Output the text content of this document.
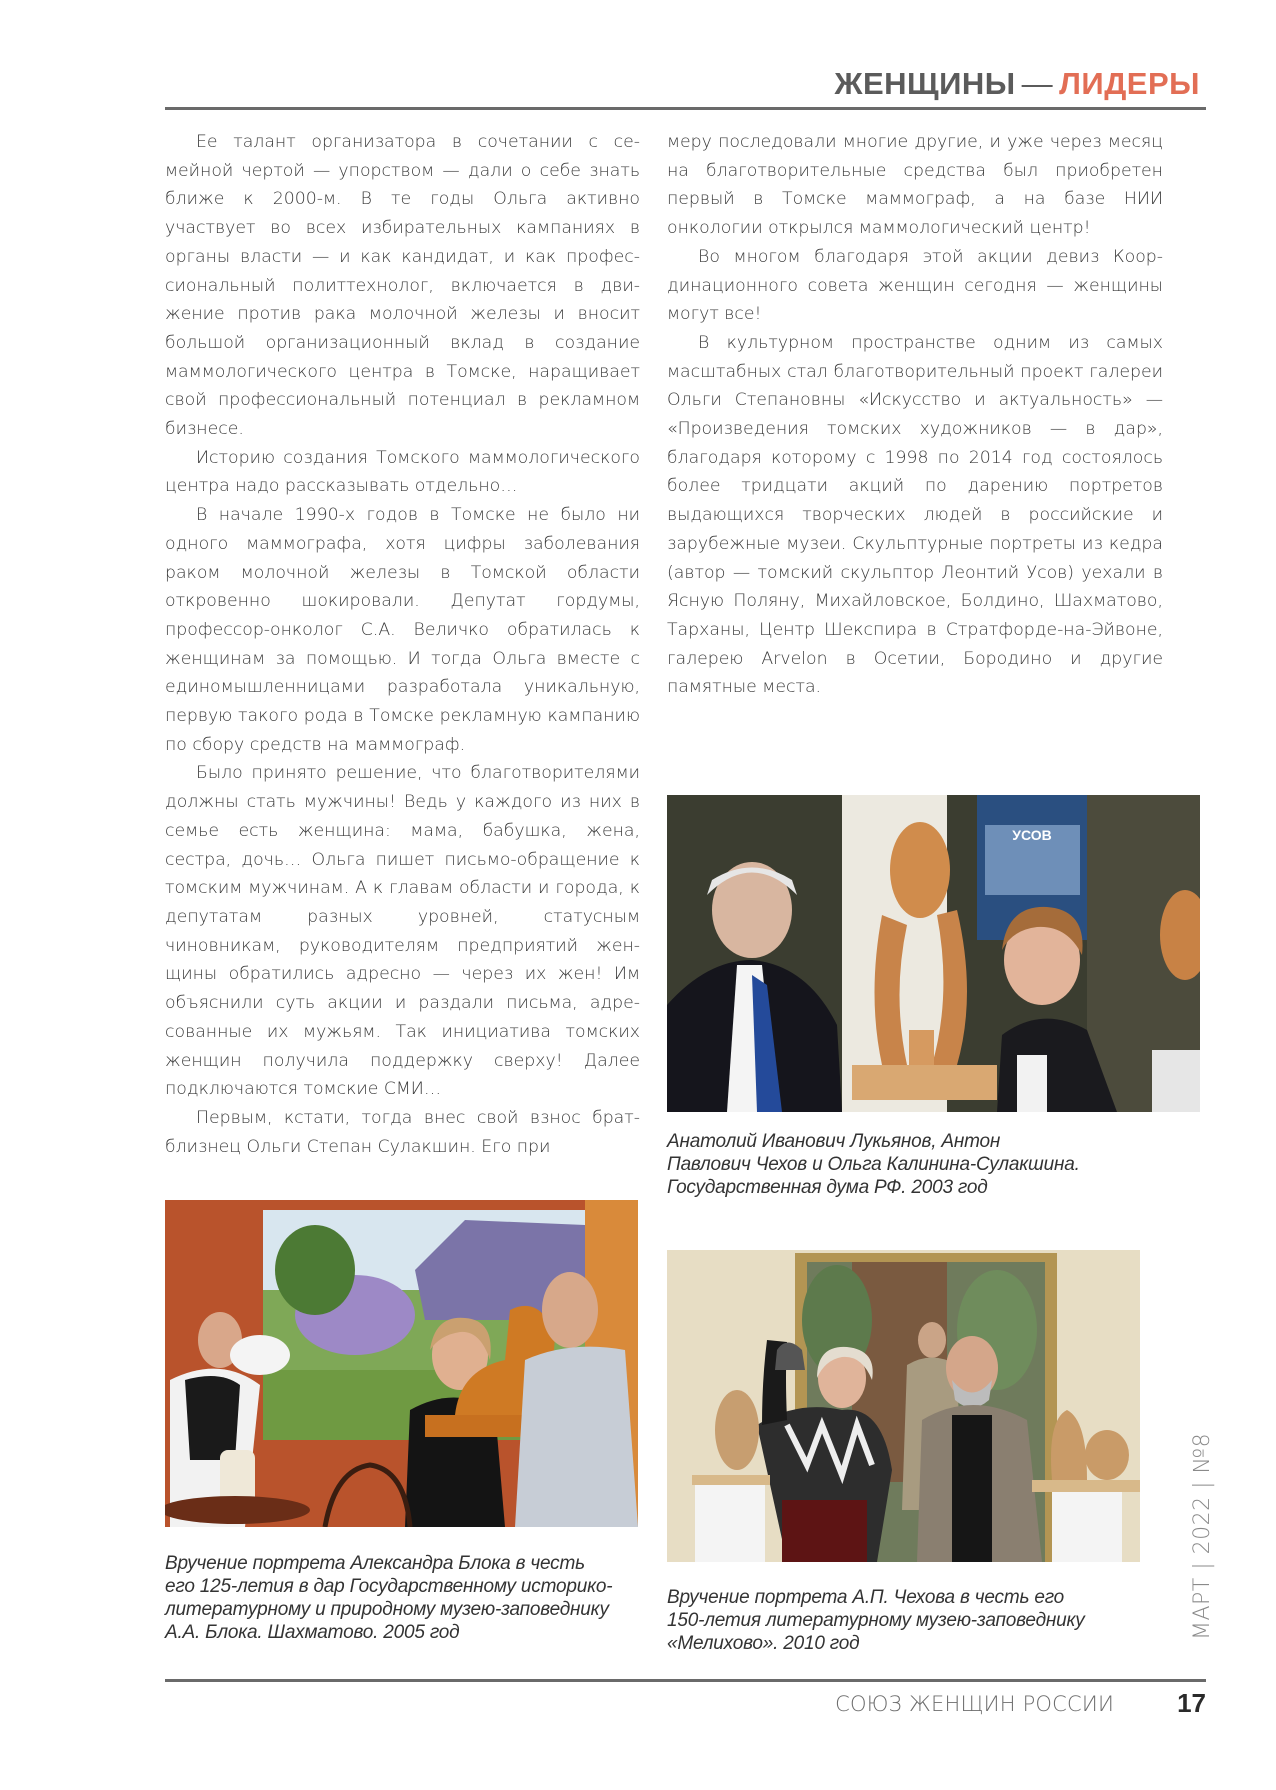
ЖЕНЩИНЫ — ЛИДЕРЫ

Ее талант организатора в сочетании с семейной чертой — упорством — дали о себе знать ближе к 2000-м. В те годы Ольга активно участвует во всех избирательных кампаниях в органы власти — и как кандидат, и как профессиональный политтехнолог, включается в движение против рака молочной железы и вносит большой организационный вклад в создание маммологического центра в Томске, наращивает свой профессиональный потенциал в рекламном бизнесе.

Историю создания Томского маммологического центра надо рассказывать отдельно…

В начале 1990-х годов в Томске не было ни одного маммографа, хотя цифры заболевания раком молочной железы в Томской области откровенно шокировали. Депутат гордумы, профессор-онколог С.А. Величко обратилась к женщинам за помощью. И тогда Ольга вместе с единомышленницами разработала уникальную, первую такого рода в Томске рекламную кампанию по сбору средств на маммограф.

Было принято решение, что благотворителями должны стать мужчины! Ведь у каждого из них в семье есть женщина: мама, бабушка, жена, сестра, дочь… Ольга пишет письмо-обращение к томским мужчинам. А к главам области и города, к депутатам разных уровней, статусным чиновникам, руководителям предприятий женщины обратились адресно — через их жен! Им объяснили суть акции и раздали письма, адресованные их мужьям. Так инициатива томских женщин получила поддержку сверху! Далее подключаются томские СМИ…

Первым, кстати, тогда внес свой взнос брат-близнец Ольги Степан Сулакшин. Его при

меру последовали многие другие, и уже через месяц на благотворительные средства был приобретен первый в Томске маммограф, а на базе НИИ онкологии открылся маммологический центр!

Во многом благодаря этой акции девиз Координационного совета женщин сегодня — женщины могут все!

В культурном пространстве одним из самых масштабных стал благотворительный проект галереи Ольги Степановны «Искусство и актуальность» — «Произведения томских художников — в дар», благодаря которому с 1998 по 2014 год состоялось более тридцати акций по дарению портретов выдающихся творческих людей в российские и зарубежные музеи. Скульптурные портреты из кедра (автор — томский скульптор Леонтий Усов) уехали в Ясную Поляну, Михайловское, Болдино, Шахматово, Тарханы, Центр Шекспира в Стратфорде-на-Эйвоне, галерею Arvelon в Осетии, Бородино и другие памятные места.

УСОВ
Анатолий Иванович Лукьянов, Антон
Павлович Чехов и Ольга Калинина-Сулакшина.
Государственная дума РФ. 2003 год
Вручение портрета Александра Блока в честь
его 125-летия в дар Государственному историко-
литературному и природному музею-заповеднику
А.А. Блока. Шахматово. 2005 год
Вручение портрета А.П. Чехова в честь его
150-летия литературному музею-заповеднику
«Мелихово». 2010 год
МАРТ | 2022 | №8
СОЮЗ ЖЕНЩИН РОССИИ 17
